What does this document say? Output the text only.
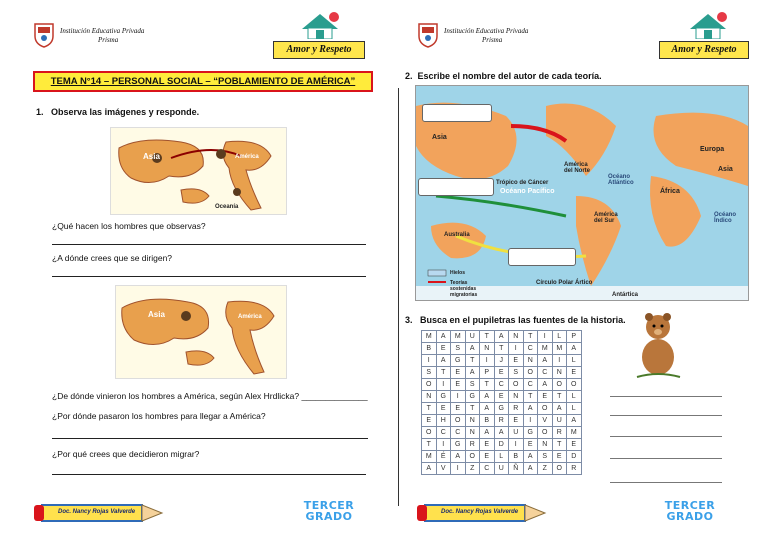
Institución Educativa Privada
Prisma
Amor y Respeto
TEMA N°14 – PERSONAL SOCIAL – “POBLAMIENTO DE AMÉRICA”
1. Observa las imágenes y responde.
Asia	América
Oceanía
¿Qué hacen los hombres que observas?
¿A dónde crees que se dirigen?
Asia	América
¿De dónde vinieron los hombres a América, según Alex Hrdlicka? ______________
¿Por dónde pasaron los hombres para llegar a América?
¿Por qué crees que decidieron migrar?
Doc. Nancy Rojas Valverde	TERCER
GRADO
Institución Educativa Privada
Prisma
Amor y Respeto
2. Escribe el nombre del autor de cada teoría.
Asia
Europa
Asia
África
América del Norte
América del Sur
Australia
Océano Pacífico
Océano Atlántico
Océano Índico
Trópico de Cáncer
Círculo Polar Ártico
Antártica
Hielos
Teorías sostenidas migratorias
3. Busca en el pupiletras las fuentes de la historia.
M	A	M	U	T	A	N	T	I	L	P
B	E	S	A	N	T	I	C	M	M	A
I	A	G	T	I	J	E	N	A	I	L
S	T	E	A	P	E	S	O	C	N	E
O	I	E	S	T	C	O	C	A	O	O
N	G	I	G	A	E	N	T	E	T	L
T	E	E	T	A	G	R	A	O	A	L
E	H	O	N	B	R	E	I	V	U	A
O	C	C	N	A	A	U	G	O	R	M
T	I	G	R	E	D	I	E	N	T	E
M	É	A	O	E	L	B	A	S	E	D
A	V	I	Z	C	U	Ñ	A	Z	O	R
Doc. Nancy Rojas Valverde	TERCER
GRADO
